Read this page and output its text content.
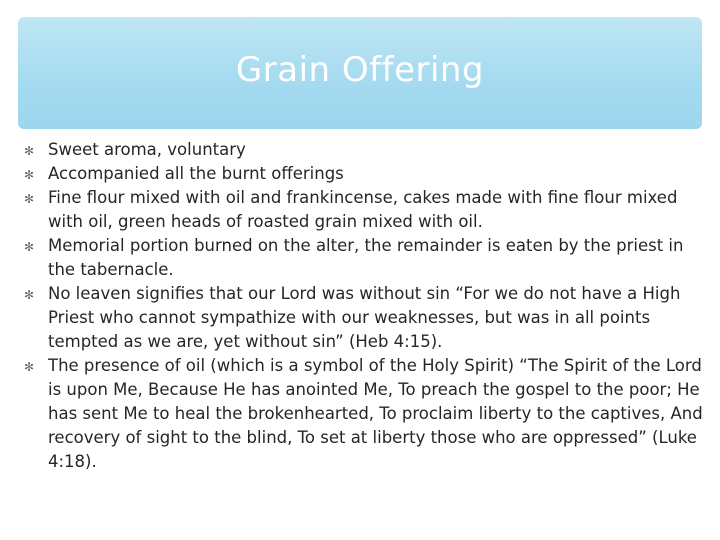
Grain Offering
✻ Sweet aroma, voluntary
✻ Accompanied all the burnt offerings
✻ Fine flour mixed with oil and frankincense, cakes made with fine flour mixed with oil, green heads of roasted grain mixed with oil.
✻ Memorial portion burned on the alter, the remainder is eaten by the priest in the tabernacle.
✻ No leaven signifies that our Lord was without sin “For we do not have a High Priest who cannot sympathize with our weaknesses, but was in all points tempted as we are, yet without sin” (Heb 4:15).
✻ The presence of oil (which is a symbol of the Holy Spirit) “The Spirit of the Lord is upon Me, Because He has anointed Me, To preach the gospel to the poor; He has sent Me to heal the brokenhearted, To proclaim liberty to the captives, And recovery of sight to the blind, To set at liberty those who are oppressed” (Luke 4:18).
